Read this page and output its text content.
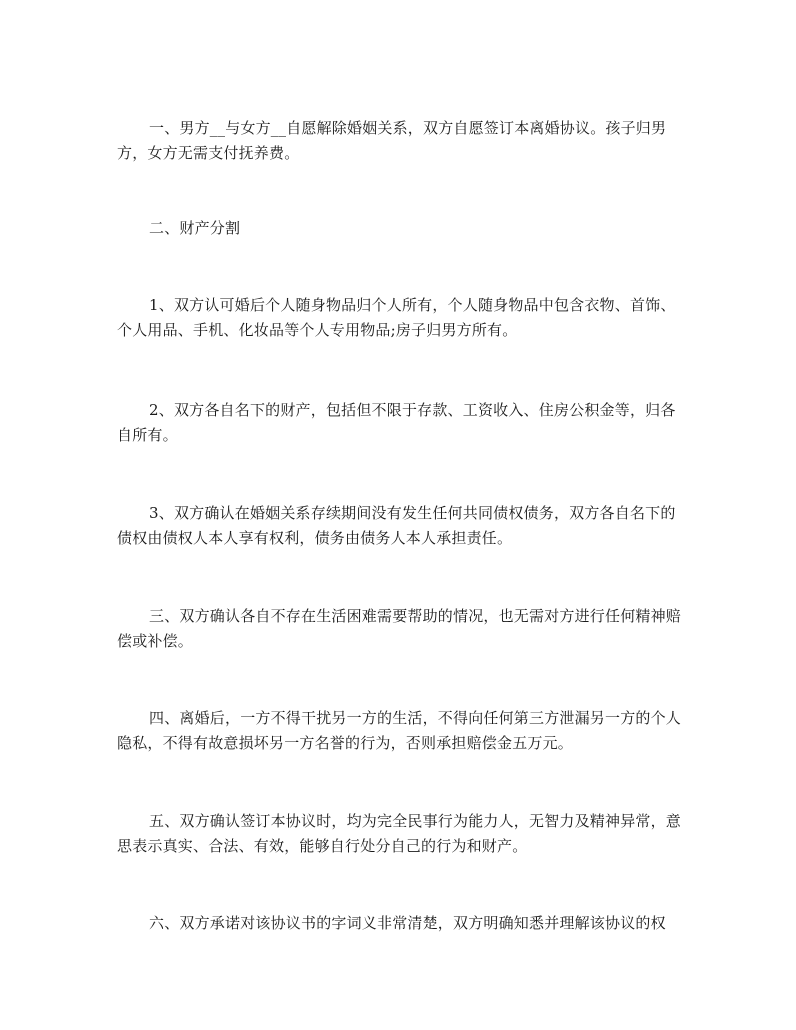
一、男方__与女方__自愿解除婚姻关系，双方自愿签订本离婚协议。孩子归男方，女方无需支付抚养费。

二、财产分割

1、双方认可婚后个人随身物品归个人所有，个人随身物品中包含衣物、首饰、个人用品、手机、化妆品等个人专用物品;房子归男方所有。

2、双方各自名下的财产，包括但不限于存款、工资收入、住房公积金等，归各自所有。

3、双方确认在婚姻关系存续期间没有发生任何共同债权债务，双方各自名下的债权由债权人本人享有权利，债务由债务人本人承担责任。

三、双方确认各自不存在生活困难需要帮助的情况，也无需对方进行任何精神赔偿或补偿。

四、离婚后，一方不得干扰另一方的生活，不得向任何第三方泄漏另一方的个人隐私，不得有故意损坏另一方名誉的行为，否则承担赔偿金五万元。

五、双方确认签订本协议时，均为完全民事行为能力人，无智力及精神异常，意思表示真实、合法、有效，能够自行处分自己的行为和财产。

六、双方承诺对该协议书的字词义非常清楚，双方明确知悉并理解该协议的权
